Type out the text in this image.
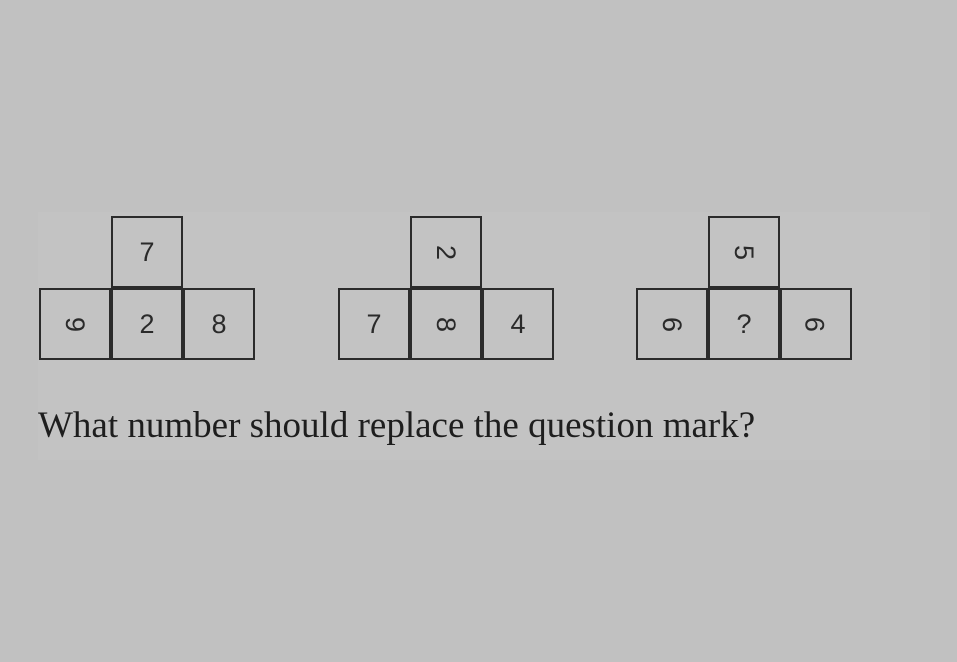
7
9 2 8
2
7 8 4
5
6 ? 9
What number should replace the question mark?
